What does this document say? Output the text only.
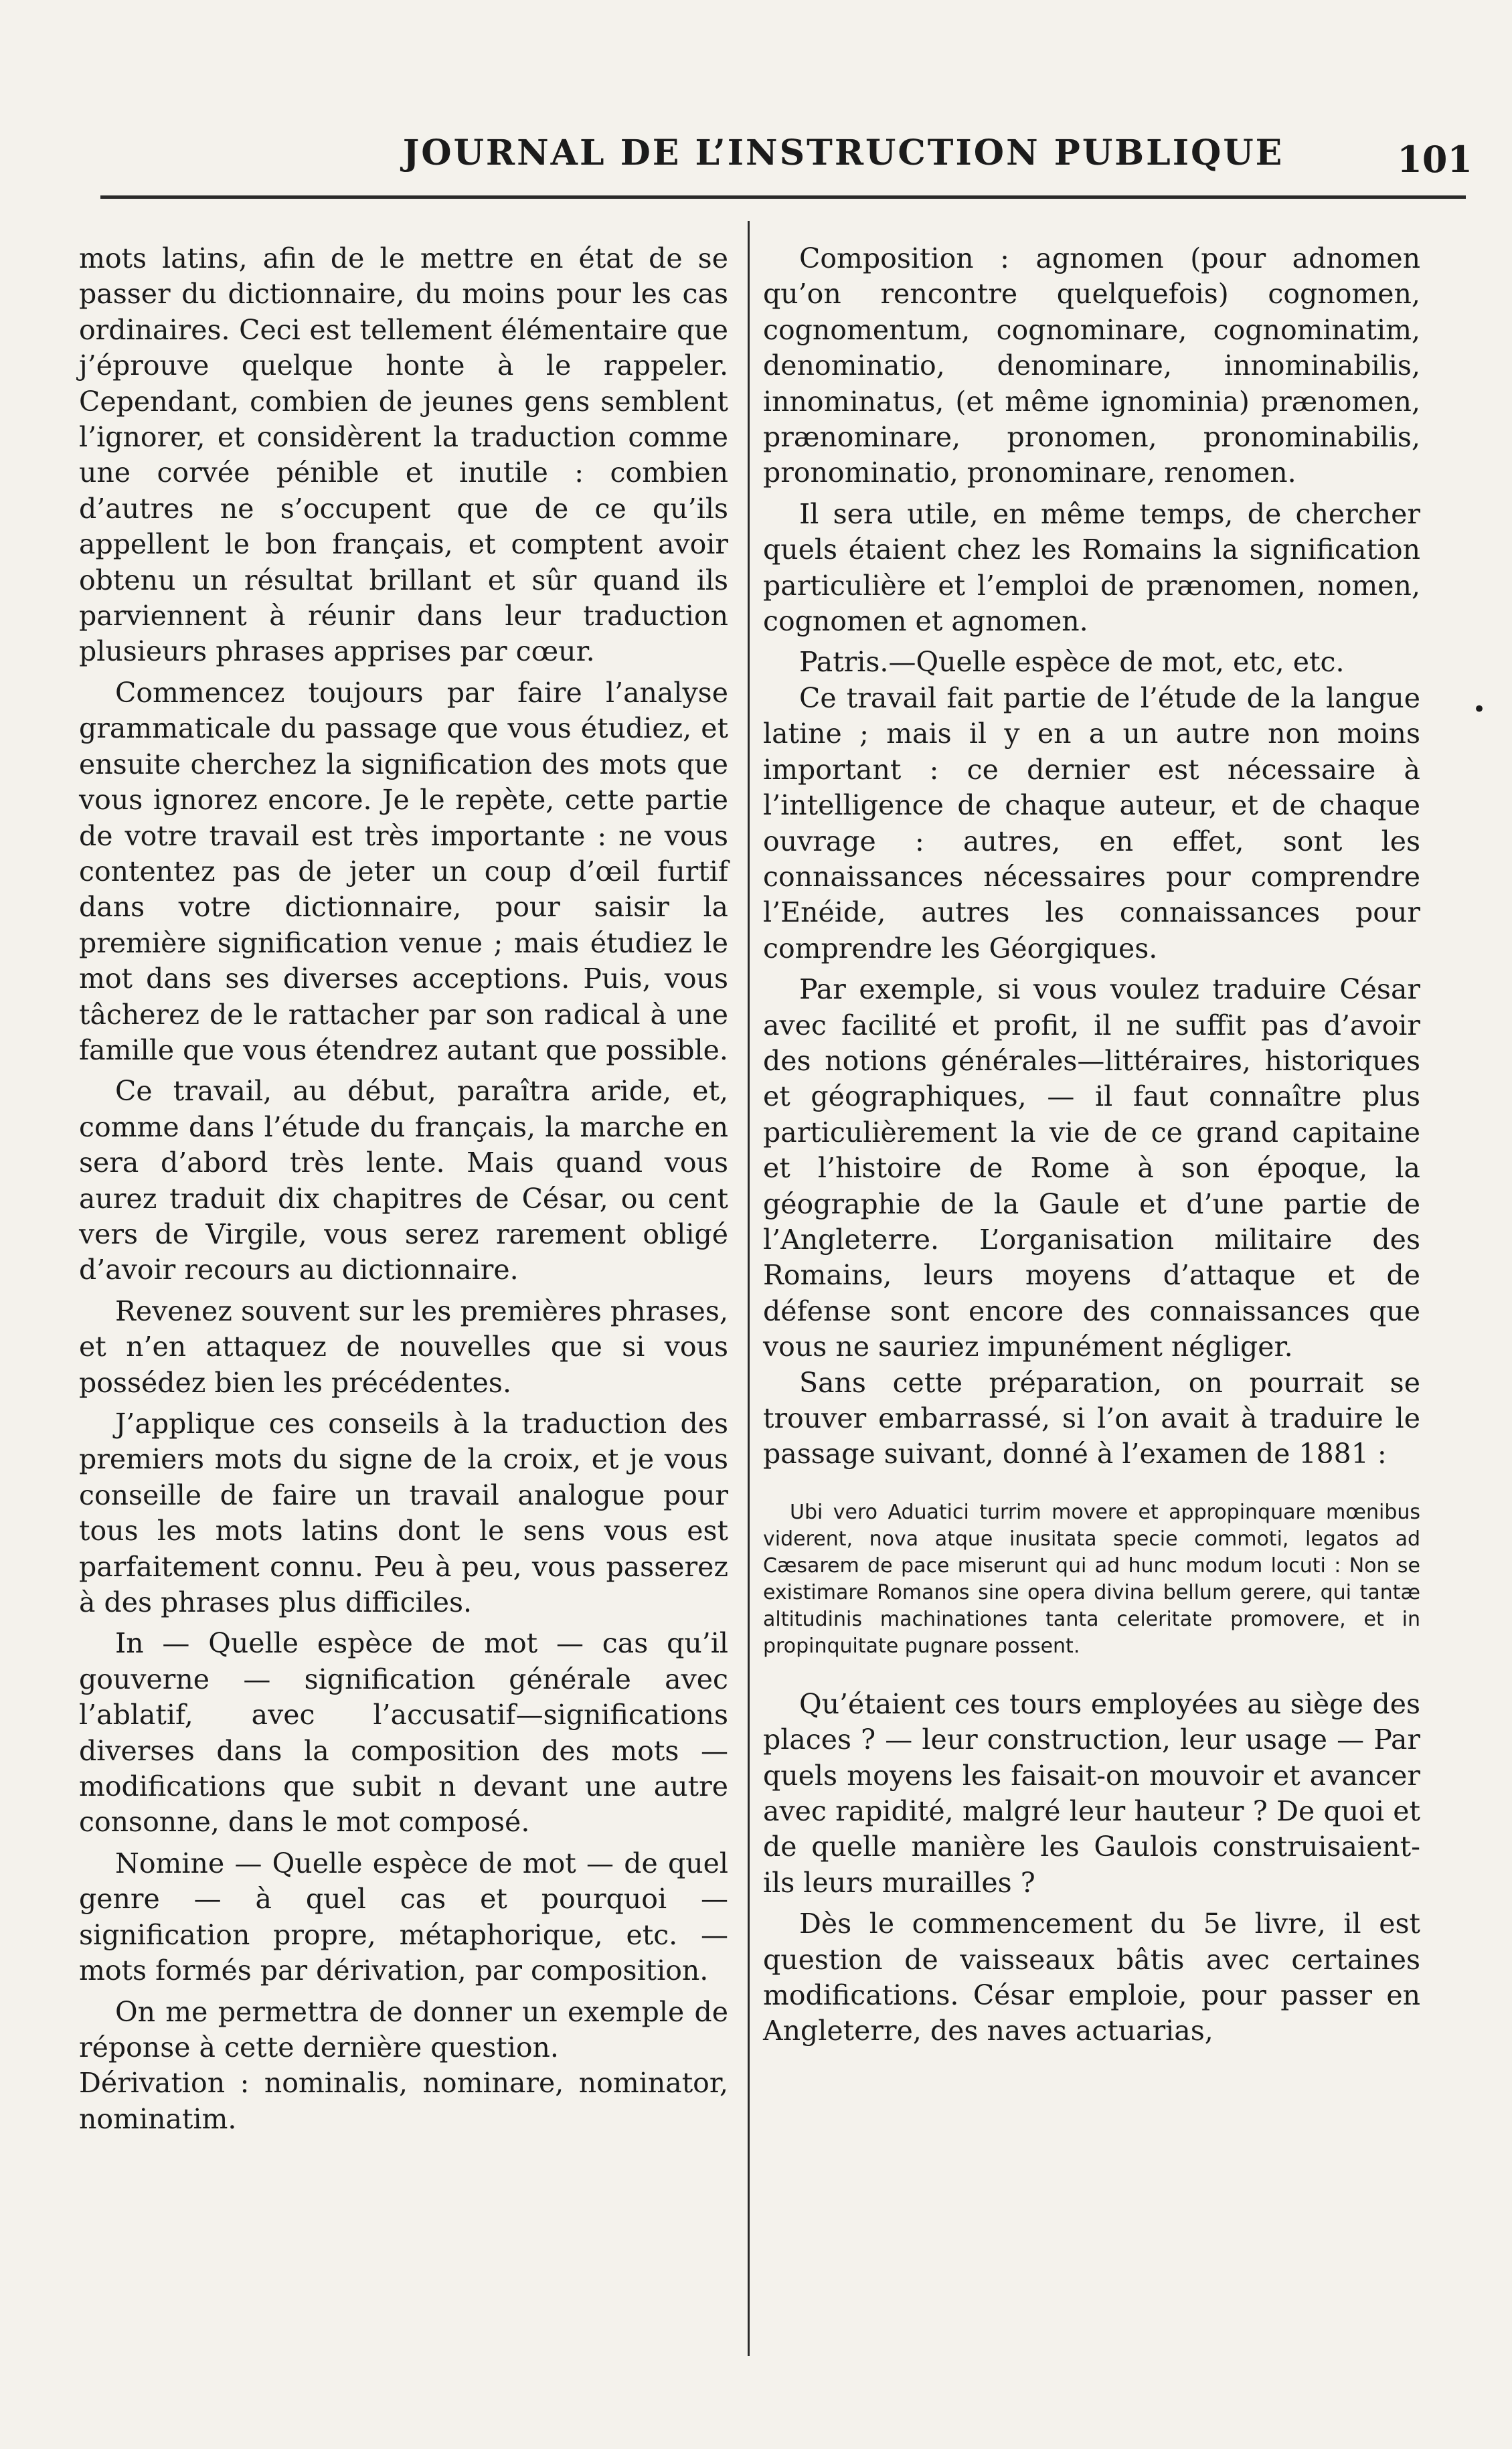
JOURNAL DE L’INSTRUCTION PUBLIQUE	101

mots latins, afin de le mettre en état de se passer du dictionnaire, du moins pour les cas ordinaires. Ceci est tellement élémentaire que j’éprouve quelque honte à le rappeler. Cependant, combien de jeunes gens semblent l’ignorer, et considèrent la traduction comme une corvée pénible et inutile : combien d’autres ne s’occupent que de ce qu’ils appellent le bon français, et comptent avoir obtenu un résultat brillant et sûr quand ils parviennent à réunir dans leur traduction plusieurs phrases apprises par cœur.

Commencez toujours par faire l’analyse grammaticale du passage que vous étudiez, et ensuite cherchez la signification des mots que vous ignorez encore. Je le repète, cette partie de votre travail est très importante : ne vous contentez pas de jeter un coup d’œil furtif dans votre dictionnaire, pour saisir la première signification venue ; mais étudiez le mot dans ses diverses acceptions. Puis, vous tâcherez de le rattacher par son radical à une famille que vous étendrez autant que possible.

Ce travail, au début, paraîtra aride, et, comme dans l’étude du français, la marche en sera d’abord très lente. Mais quand vous aurez traduit dix chapitres de César, ou cent vers de Virgile, vous serez rarement obligé d’avoir recours au dictionnaire.

Revenez souvent sur les premières phrases, et n’en attaquez de nouvelles que si vous possédez bien les précédentes.

J’applique ces conseils à la traduction des premiers mots du signe de la croix, et je vous conseille de faire un travail analogue pour tous les mots latins dont le sens vous est parfaitement connu. Peu à peu, vous passerez à des phrases plus difficiles.

In — Quelle espèce de mot — cas qu’il gouverne — signification générale avec l’ablatif, avec l’accusatif—significations diverses dans la composition des mots — modifications que subit n devant une autre consonne, dans le mot composé.

Nomine — Quelle espèce de mot — de quel genre — à quel cas et pourquoi — signification propre, métaphorique, etc. —mots formés par dérivation, par composition.

On me permettra de donner un exemple de réponse à cette dernière question.

Dérivation : nominalis, nominare, nominator, nominatim.

Composition : agnomen (pour adnomen qu’on rencontre quelquefois) cognomen, cognomentum, cognominare, cognominatim, denominatio, denominare, innominabilis, innominatus, (et même ignominia) prænomen, prænominare, pronomen, pronominabilis, pronominatio, pronominare, renomen.

Il sera utile, en même temps, de chercher quels étaient chez les Romains la signification particulière et l’emploi de prænomen, nomen, cognomen et agnomen.

Patris.—Quelle espèce de mot, etc, etc.

Ce travail fait partie de l’étude de la langue latine ; mais il y en a un autre non moins important : ce dernier est nécessaire à l’intelligence de chaque auteur, et de chaque ouvrage : autres, en effet, sont les connaissances nécessaires pour comprendre l’Enéide, autres les connaissances pour comprendre les Géorgiques.

Par exemple, si vous voulez traduire César avec facilité et profit, il ne suffit pas d’avoir des notions générales—littéraires, historiques et géographiques, — il faut connaître plus particulièrement la vie de ce grand capitaine et l’histoire de Rome à son époque, la géographie de la Gaule et d’une partie de l’Angleterre. L’organisation militaire des Romains, leurs moyens d’attaque et de défense sont encore des connaissances que vous ne sauriez impunément négliger.

Sans cette préparation, on pourrait se trouver embarrassé, si l’on avait à traduire le passage suivant, donné à l’examen de 1881 :

Ubi vero Aduatici turrim movere et appropinquare mœnibus viderent, nova atque inusitata specie commoti, legatos ad Cæsarem de pace miserunt qui ad hunc modum locuti : Non se existimare Romanos sine opera divina bellum gerere, qui tantæ altitudinis machinationes tanta celeritate promovere, et in propinquitate pugnare possent.

Qu’étaient ces tours employées au siège des places ? — leur construction, leur usage — Par quels moyens les faisait-on mouvoir et avancer avec rapidité, malgré leur hauteur ? De quoi et de quelle manière les Gaulois construisaient-ils leurs murailles ?

Dès le commencement du 5e livre, il est question de vaisseaux bâtis avec certaines modifications. César emploie, pour passer en Angleterre, des naves actuarias,

•
